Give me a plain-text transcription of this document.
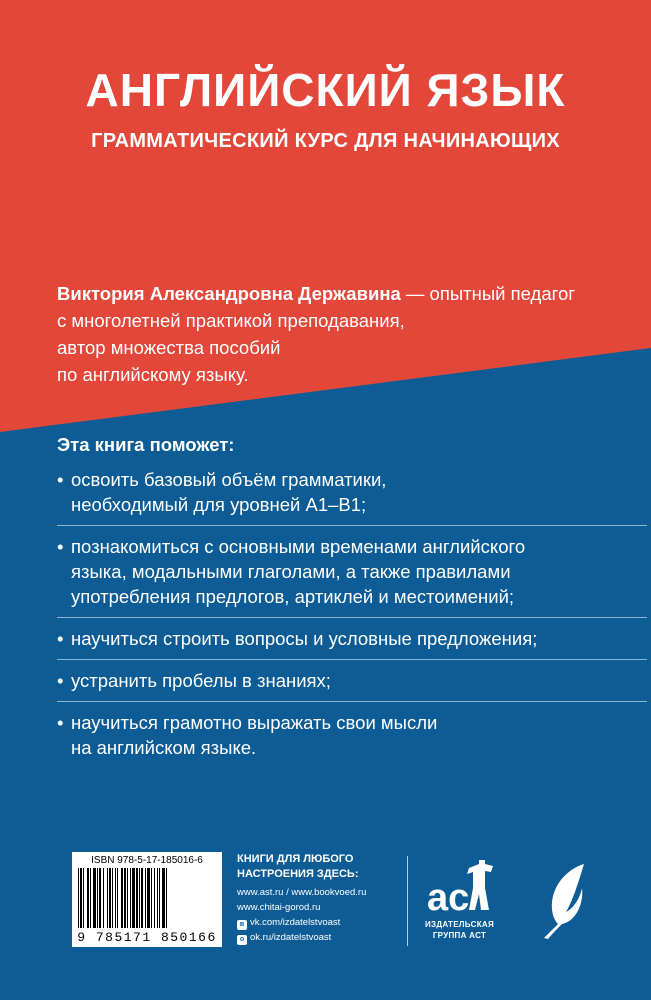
АНГЛИЙСКИЙ ЯЗЫК
ГРАММАТИЧЕСКИЙ КУРС ДЛЯ НАЧИНАЮЩИХ
Виктория Александровна Державина — опытный педагог
с многолетней практикой преподавания,
автор множества пособий
по английскому языку.
Эта книга поможет:
• освоить базовый объём грамматики,
необходимый для уровней A1–B1;
• познакомиться с основными временами английского
языка, модальными глаголами, а также правилами
употребления предлогов, артиклей и местоимений;
• научиться строить вопросы и условные предложения;
• устранить пробелы в знаниях;
• научиться грамотно выражать свои мысли
на английском языке.
ISBN 978-5-17-185016-6
9 785171 850166
КНИГИ ДЛЯ ЛЮБОГО
НАСТРОЕНИЯ ЗДЕСЬ:
www.ast.ru / www.bookvoed.ru
www.chitai-gorod.ru
в vk.com/izdatelstvoast
о ok.ru/izdatelstvoast
ac
ИЗДАТЕЛЬСКАЯ
ГРУППА АСТ
